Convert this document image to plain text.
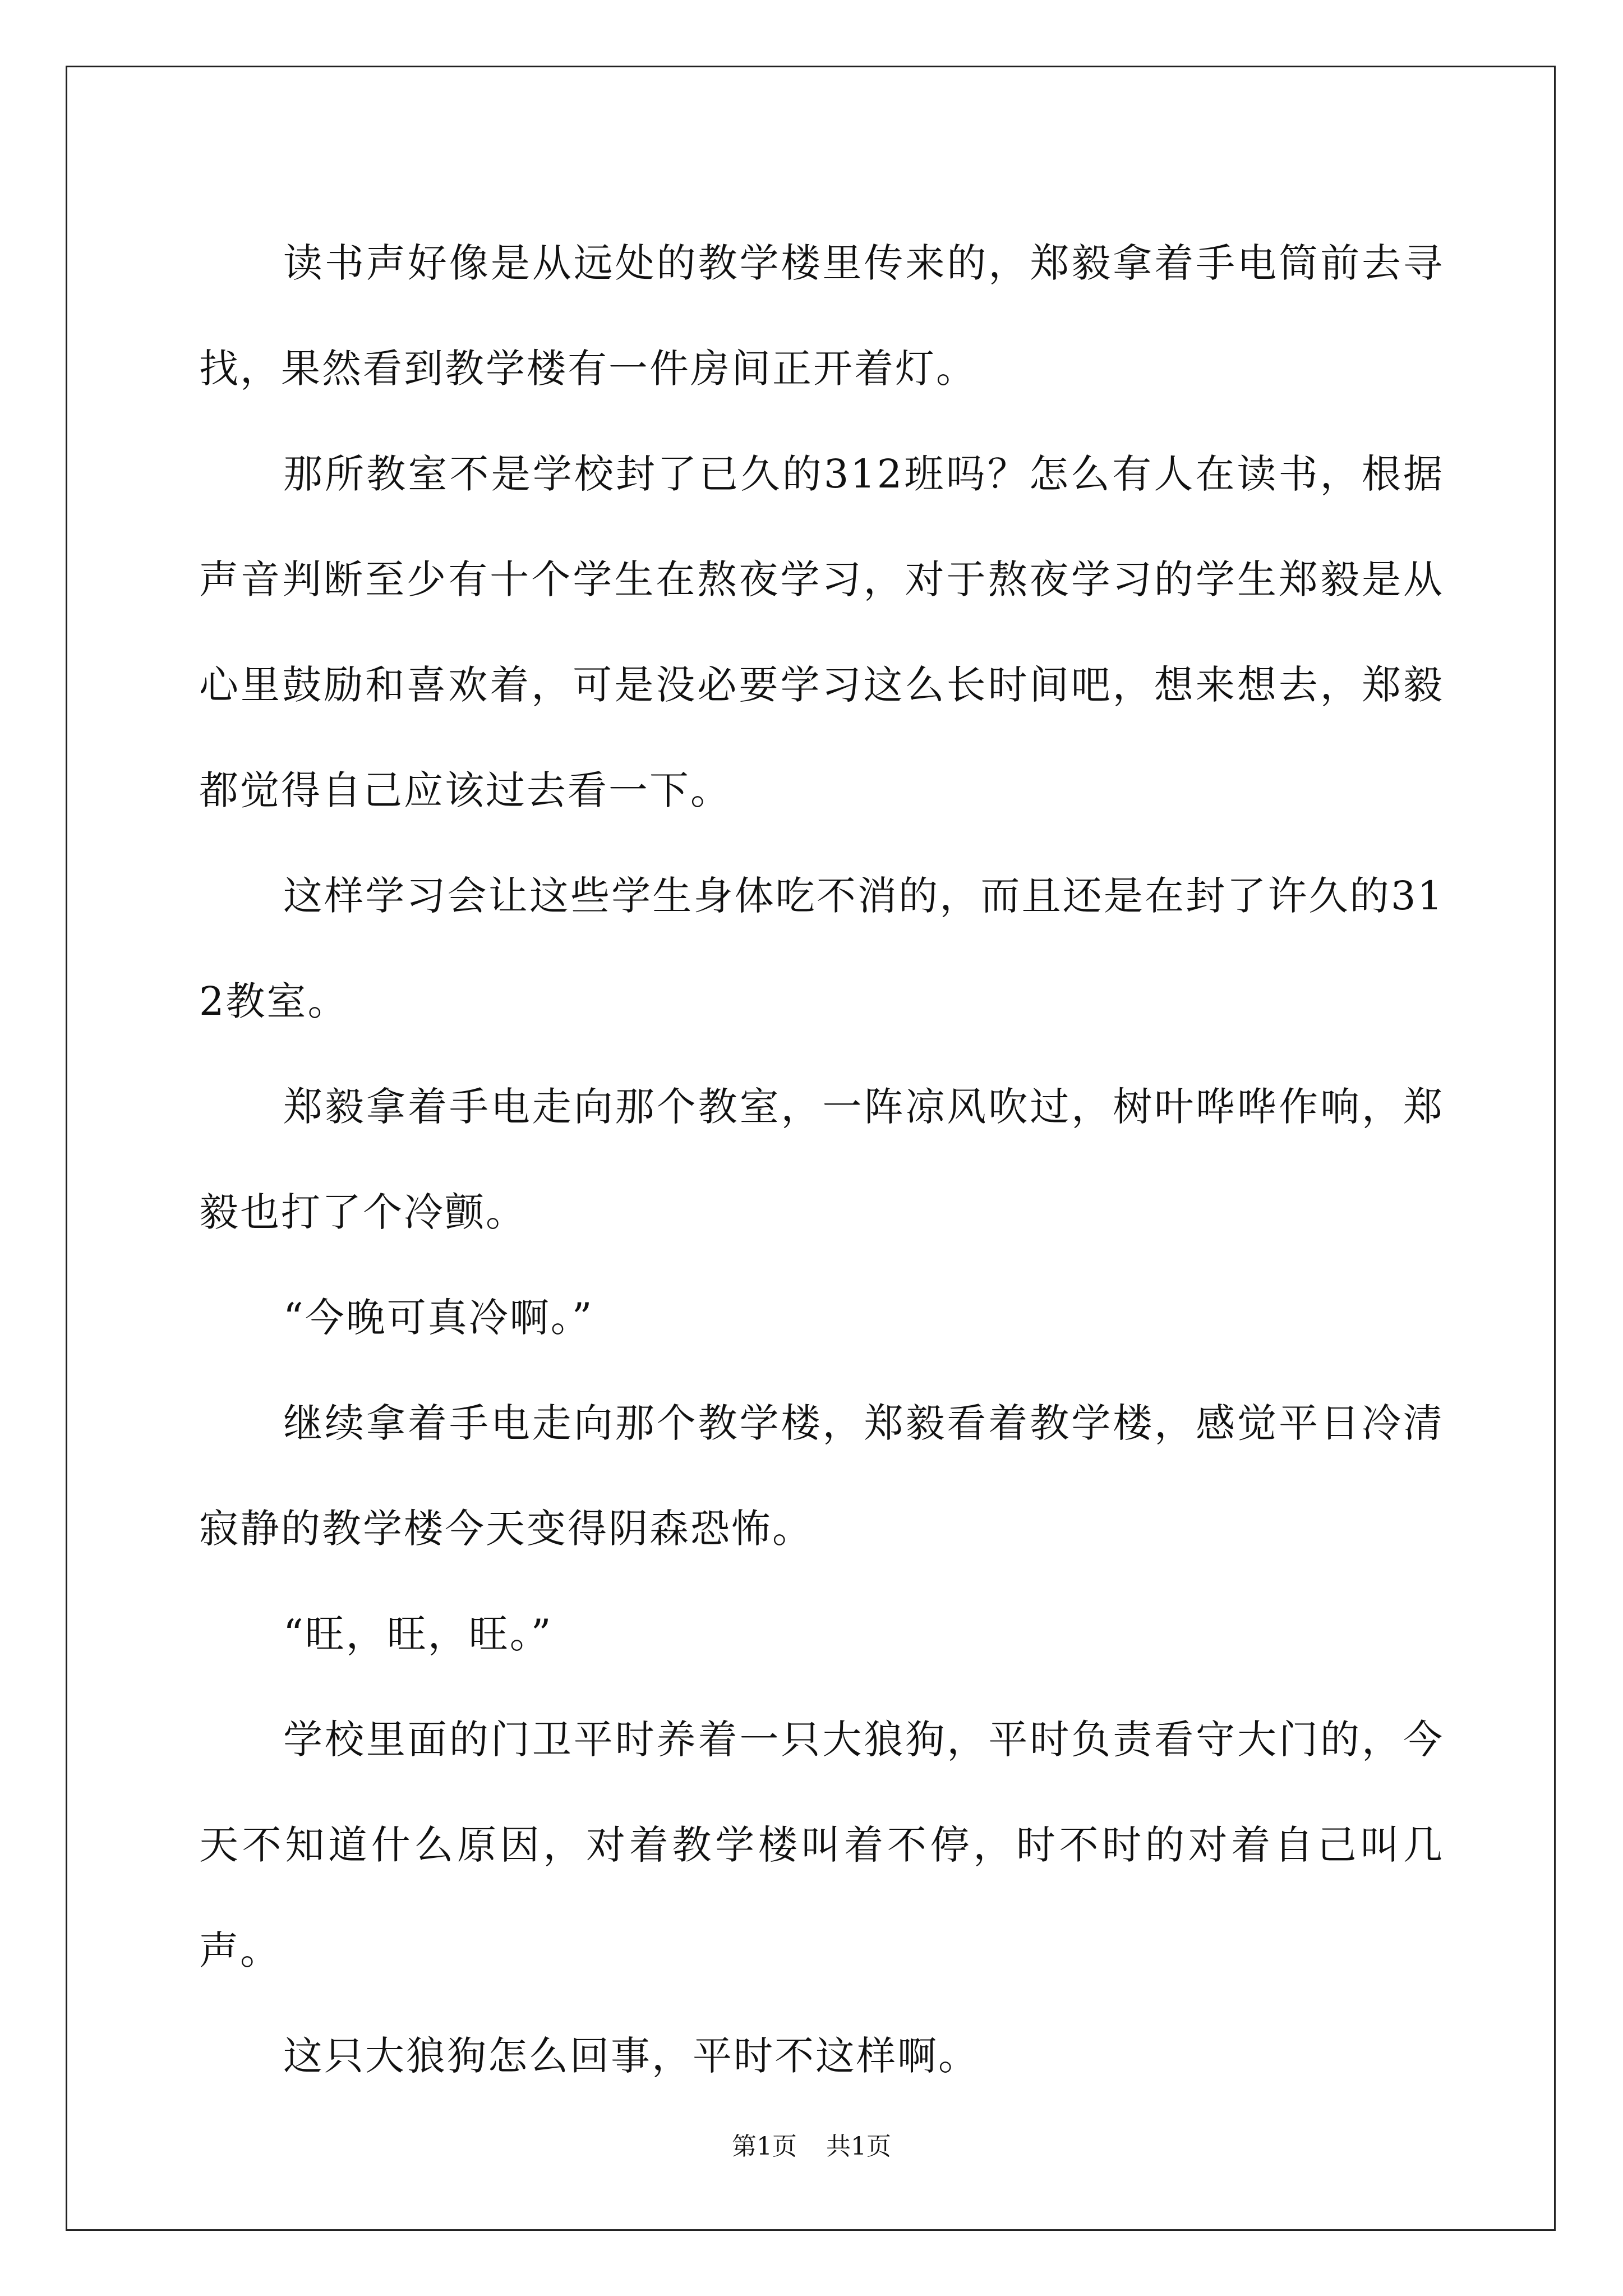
读书声好像是从远处的教学楼里传来的，郑毅拿着手电筒前去寻找，果然看到教学楼有一件房间正开着灯。

那所教室不是学校封了已久的312班吗？怎么有人在读书，根据声音判断至少有十个学生在熬夜学习，对于熬夜学习的学生郑毅是从心里鼓励和喜欢着，可是没必要学习这么长时间吧，想来想去，郑毅都觉得自己应该过去看一下。

这样学习会让这些学生身体吃不消的，而且还是在封了许久的312教室。

郑毅拿着手电走向那个教室，一阵凉风吹过，树叶哗哗作响，郑毅也打了个冷颤。

“今晚可真冷啊。”

继续拿着手电走向那个教学楼，郑毅看着教学楼，感觉平日冷清寂静的教学楼今天变得阴森恐怖。

“旺，旺，旺。”

学校里面的门卫平时养着一只大狼狗，平时负责看守大门的，今天不知道什么原因，对着教学楼叫着不停，时不时的对着自己叫几声。

这只大狼狗怎么回事，平时不这样啊。

第1页 共1页
